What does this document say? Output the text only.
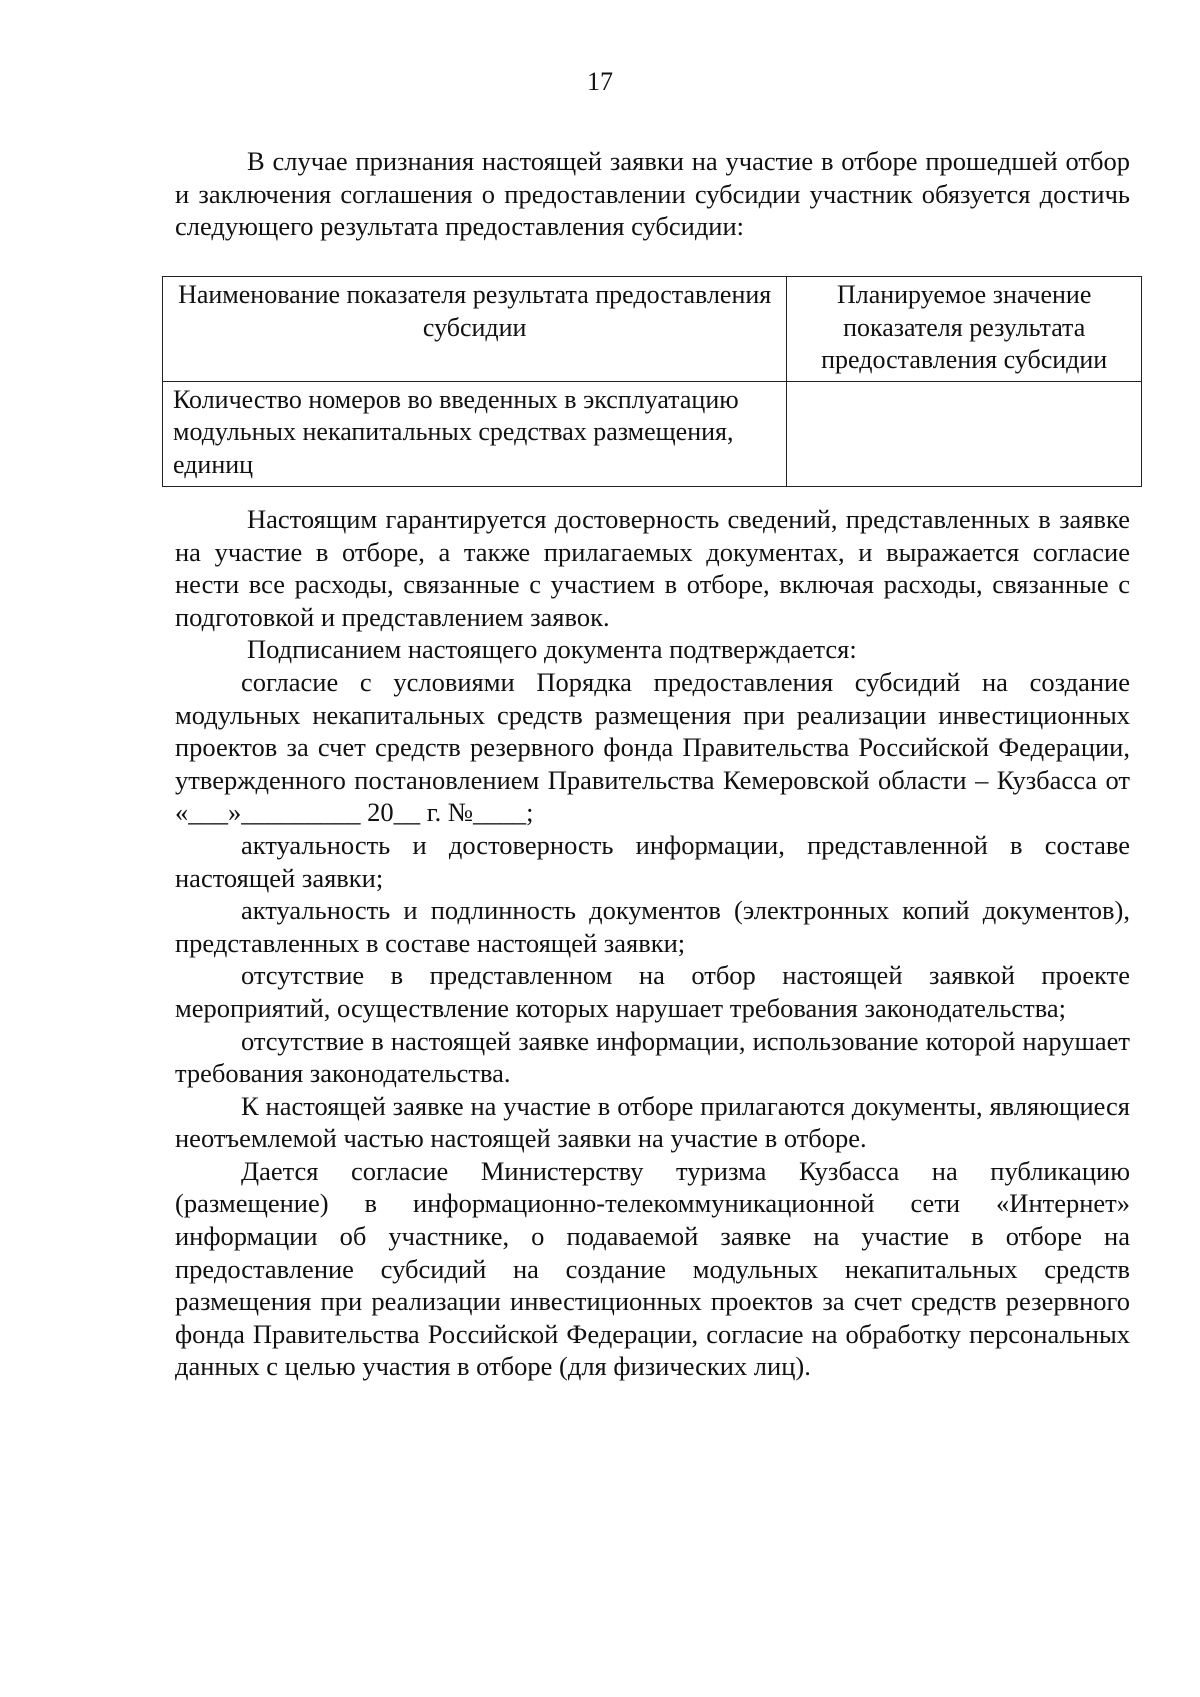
17

В случае признания настоящей заявки на участие в отборе прошедшей отбор и заключения соглашения о предоставлении субсидии участник обязуется достичь следующего результата предоставления субсидии:

Наименование показателя результата предоставления субсидии	Планируемое значение показателя результата предоставления субсидии
Количество номеров во введенных в эксплуатацию модульных некапитальных средствах размещения, единиц	

Настоящим гарантируется достоверность сведений, представленных в заявке на участие в отборе, а также прилагаемых документах, и выражается согласие нести все расходы, связанные с участием в отборе, включая расходы, связанные с подготовкой и представлением заявок.

Подписанием настоящего документа подтверждается:

согласие с условиями Порядка предоставления субсидий на создание модульных некапитальных средств размещения при реализации инвестиционных проектов за счет средств резервного фонда Правительства Российской Федерации, утвержденного постановлением Правительства Кемеровской области – Кузбасса от «___»_________ 20__ г. №____;

актуальность и достоверность информации, представленной в составе настоящей заявки;

актуальность и подлинность документов (электронных копий документов), представленных в составе настоящей заявки;

отсутствие в представленном на отбор настоящей заявкой проекте мероприятий, осуществление которых нарушает требования законодательства;

отсутствие в настоящей заявке информации, использование которой нарушает требования законодательства.

К настоящей заявке на участие в отборе прилагаются документы, являющиеся неотъемлемой частью настоящей заявки на участие в отборе.

Дается согласие Министерству туризма Кузбасса на публикацию (размещение) в информационно-телекоммуникационной сети «Интернет» информации об участнике, о подаваемой заявке на участие в отборе на предоставление субсидий на создание модульных некапитальных средств размещения при реализации инвестиционных проектов за счет средств резервного фонда Правительства Российской Федерации, согласие на обработку персональных данных с целью участия в отборе (для физических лиц).
